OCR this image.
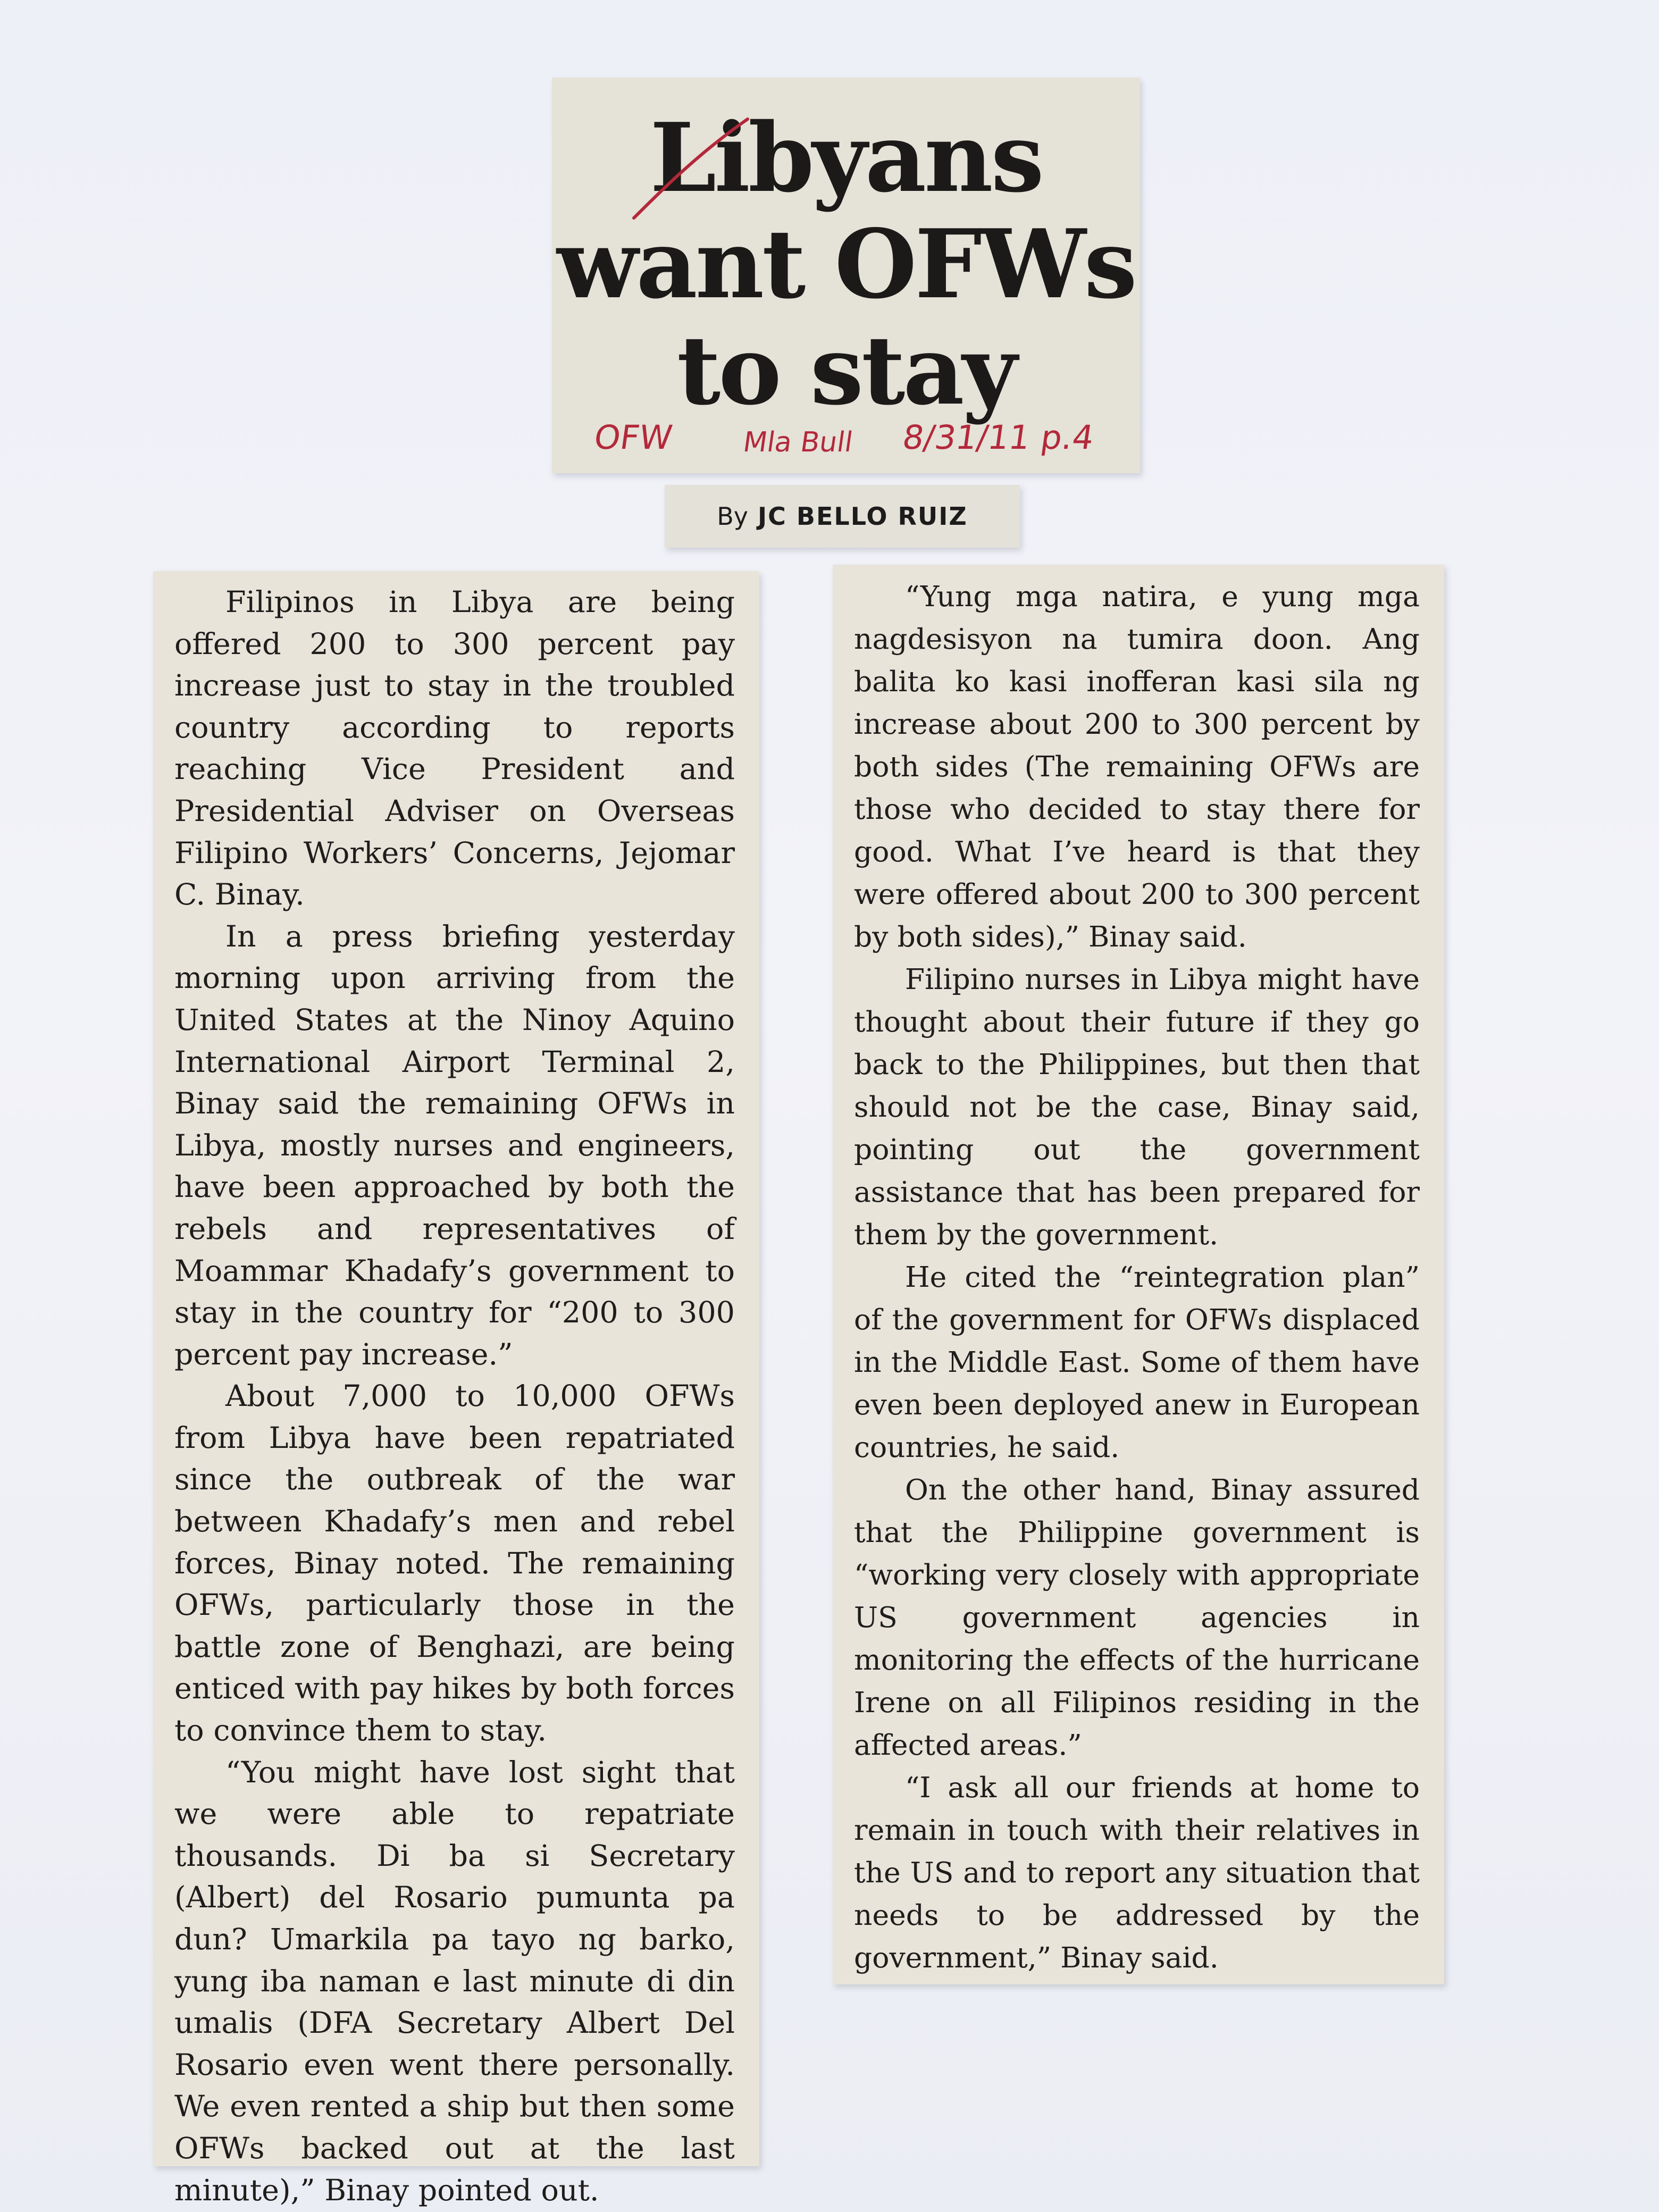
Libyans
want OFWs
to stay
OFW Mla Bull 8/31/11 p.4
By JC BELLO RUIZ

Filipinos in Libya are being offered 200 to 300 percent pay increase just to stay in the troubled country according to reports reaching Vice President and Presidential Adviser on Overseas Filipino Workers’ Concerns, Jejomar C. Binay.

In a press briefing yesterday morning upon arriving from the United States at the Ninoy Aquino International Airport Terminal 2, Binay said the remaining OFWs in Libya, mostly nurses and engineers, have been approached by both the rebels and representatives of Moammar Khadafy’s government to stay in the country for “200 to 300 percent pay increase.”

About 7,000 to 10,000 OFWs from Libya have been repatriated since the outbreak of the war between Khadafy’s men and rebel forces, Binay noted. The remaining OFWs, particularly those in the battle zone of Benghazi, are being enticed with pay hikes by both forces to convince them to stay.

“You might have lost sight that we were able to repatriate thousands. Di ba si Secretary (Albert) del Rosario pumunta pa dun? Umarkila pa tayo ng barko, yung iba naman e last minute di din umalis (DFA Secretary Albert Del Rosario even went there personally. We even rented a ship but then some OFWs backed out at the last minute),” Binay pointed out.

“Yung mga natira, e yung mga nagdesisyon na tumira doon. Ang balita ko kasi inofferan kasi sila ng increase about 200 to 300 percent by both sides (The remaining OFWs are those who decided to stay there for good. What I’ve heard is that they were offered about 200 to 300 percent by both sides),” Binay said.

Filipino nurses in Libya might have thought about their future if they go back to the Philippines, but then that should not be the case, Binay said, pointing out the government assistance that has been prepared for them by the government.

He cited the “reintegration plan” of the government for OFWs displaced in the Middle East. Some of them have even been deployed anew in European countries, he said.

On the other hand, Binay assured that the Philippine government is “working very closely with appropriate US government agencies in monitoring the effects of the hurricane Irene on all Filipinos residing in the affected areas.”

“I ask all our friends at home to remain in touch with their relatives in the US and to report any situation that needs to be addressed by the government,” Binay said.
